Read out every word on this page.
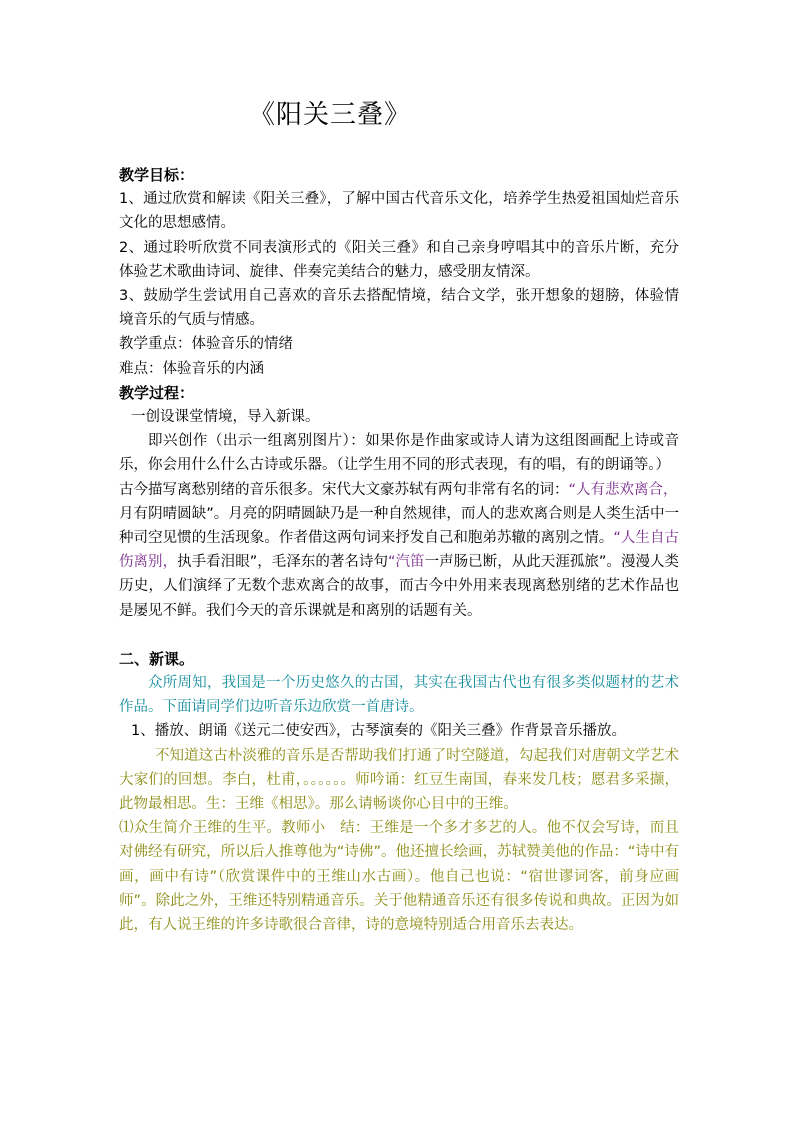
《阳关三叠》

教学目标：

1、通过欣赏和解读《阳关三叠》，了解中国古代音乐文化，培养学生热爱祖国灿烂音乐文化的思想感情。

2、通过聆听欣赏不同表演形式的《阳关三叠》和自己亲身哼唱其中的音乐片断，充分体验艺术歌曲诗词、旋律、伴奏完美结合的魅力，感受朋友情深。

3、鼓励学生尝试用自己喜欢的音乐去搭配情境，结合文学，张开想象的翅膀，体验情境音乐的气质与情感。

教学重点：体验音乐的情绪

难点：体验音乐的内涵

教学过程：

一创设课堂情境，导入新课。

即兴创作（出示一组离别图片）：如果你是作曲家或诗人请为这组图画配上诗或音乐，你会用什么什么古诗或乐器。（让学生用不同的形式表现，有的唱，有的朗诵等。）

古今描写离愁别绪的音乐很多。宋代大文豪苏轼有两句非常有名的词：“人有悲欢离合，　月有阴晴圆缺”。月亮的阴晴圆缺乃是一种自然规律，而人的悲欢离合则是人类生活中一种司空见惯的生活现象。作者借这两句词来抒发自己和胞弟苏辙的离别之情。“人生自古伤离别，执手看泪眼”，毛泽东的著名诗句“汽笛一声肠已断，从此天涯孤旅”。漫漫人类历史，人们演绎了无数个悲欢离合的故事，而古今中外用来表现离愁别绪的艺术作品也是屡见不鲜。我们今天的音乐课就是和离别的话题有关。

二、新课。

众所周知，我国是一个历史悠久的古国，其实在我国古代也有很多类似题材的艺术作品。下面请同学们边听音乐边欣赏一首唐诗。

1、播放、朗诵《送元二使安西》，古琴演奏的《阳关三叠》作背景音乐播放。

不知道这古朴淡雅的音乐是否帮助我们打通了时空隧道，勾起我们对唐朝文学艺术大家们的回想。李白，杜甫，。。。。。。师吟诵：红豆生南国，春来发几枝；愿君多采撷，此物最相思。生：王维《相思》。那么请畅谈你心目中的王维。

⑴众生简介王维的生平。教师小　结：王维是一个多才多艺的人。他不仅会写诗，而且对佛经有研究，所以后人推尊他为“诗佛”。他还擅长绘画，苏轼赞美他的作品：“诗中有画，画中有诗”（欣赏课件中的王维山水古画）。他自己也说：“宿世谬词客，前身应画师”。除此之外，王维还特别精通音乐。关于他精通音乐还有很多传说和典故。正因为如此，有人说王维的许多诗歌很合音律，诗的意境特别适合用音乐去表达。
